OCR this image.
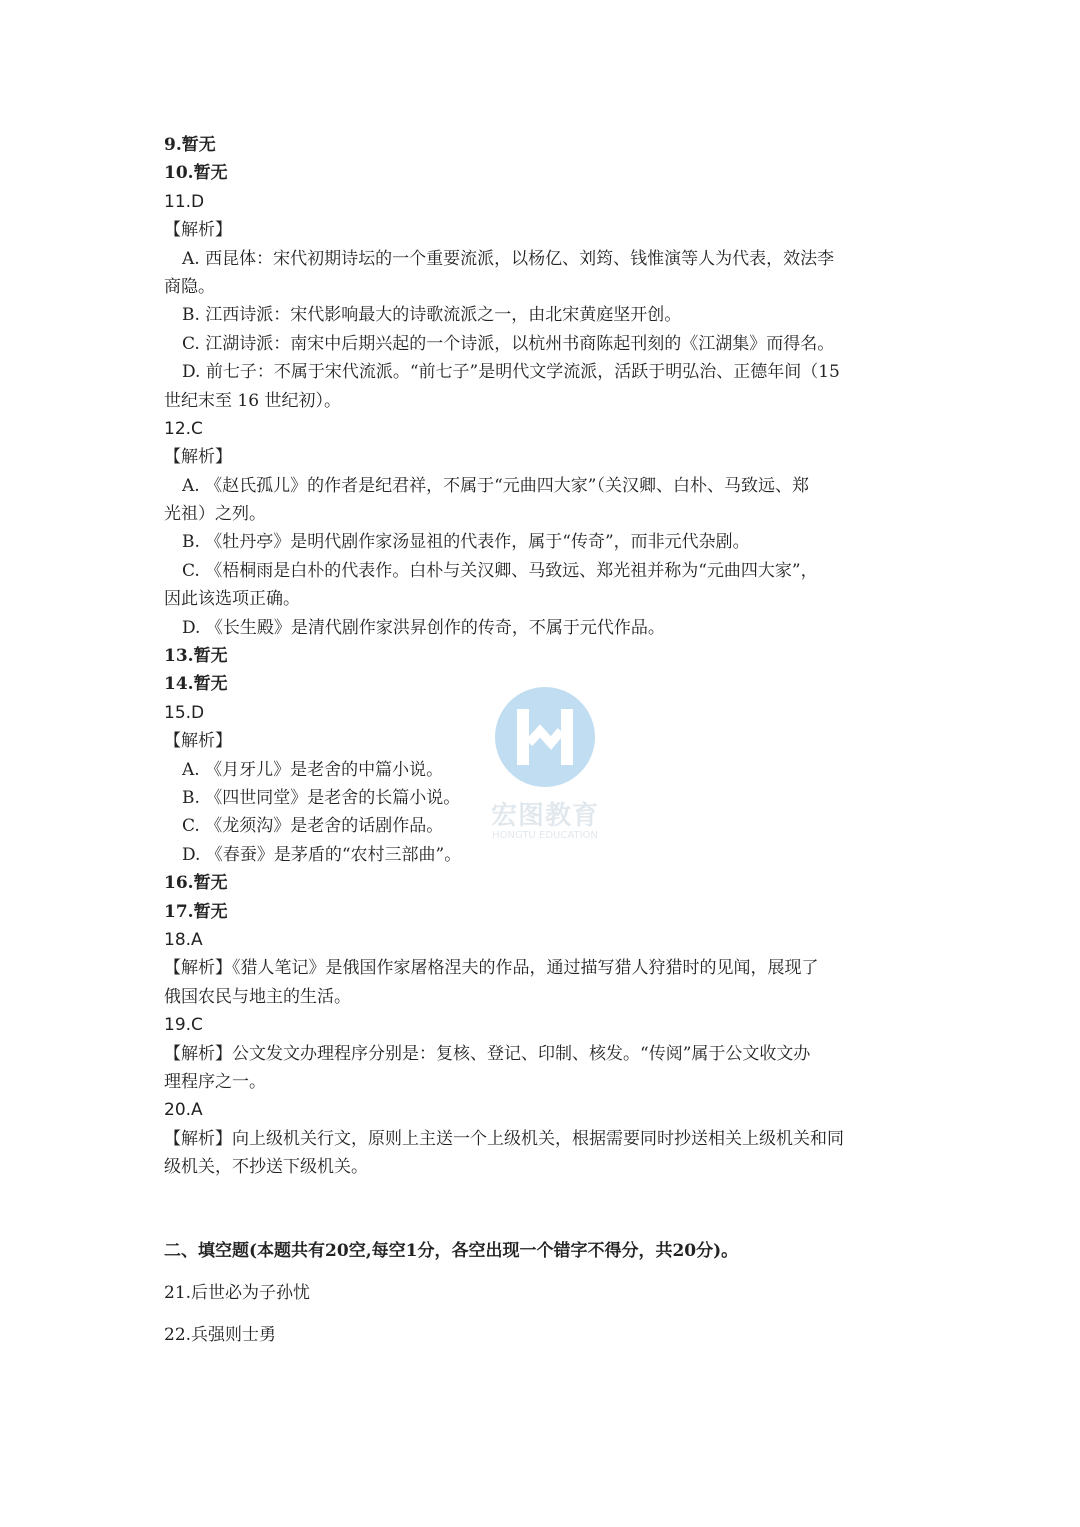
9.暂无
10.暂无
11.D
【解析】
A. 西昆体：宋代初期诗坛的一个重要流派，以杨亿、刘筠、钱惟演等人为代表，效法李
商隐。
B. 江西诗派：宋代影响最大的诗歌流派之一，由北宋黄庭坚开创。
C. 江湖诗派：南宋中后期兴起的一个诗派，以杭州书商陈起刊刻的《江湖集》而得名。
D. 前七子：不属于宋代流派。“前七子”是明代文学流派，活跃于明弘治、正德年间（15
世纪末至 16 世纪初）。
12.C
【解析】
A. 《赵氏孤儿》的作者是纪君祥，不属于“元曲四大家”（关汉卿、白朴、马致远、郑
光祖）之列。
B. 《牡丹亭》是明代剧作家汤显祖的代表作，属于“传奇”，而非元代杂剧。
C. 《梧桐雨是白朴的代表作。白朴与关汉卿、马致远、郑光祖并称为“元曲四大家”，
因此该选项正确。
D. 《长生殿》是清代剧作家洪昇创作的传奇，不属于元代作品。
13.暂无
14.暂无
15.D
【解析】
A. 《月牙儿》是老舍的中篇小说。
B. 《四世同堂》是老舍的长篇小说。
C. 《龙须沟》是老舍的话剧作品。
D. 《春蚕》是茅盾的“农村三部曲”。
16.暂无
17.暂无
18.A
【解析】《猎人笔记》是俄国作家屠格涅夫的作品，通过描写猎人狩猎时的见闻，展现了
俄国农民与地主的生活。
19.C
【解析】公文发文办理程序分别是：复核、登记、印制、核发。“传阅”属于公文收文办
理程序之一。
20.A
【解析】向上级机关行文，原则上主送一个上级机关，根据需要同时抄送相关上级机关和同
级机关，不抄送下级机关。
二、填空题(本题共有20空,每空1分，各空出现一个错字不得分，共20分)。
21.后世必为子孙忧
22.兵强则士勇
宏图教育
HONGTU EDUCATION
